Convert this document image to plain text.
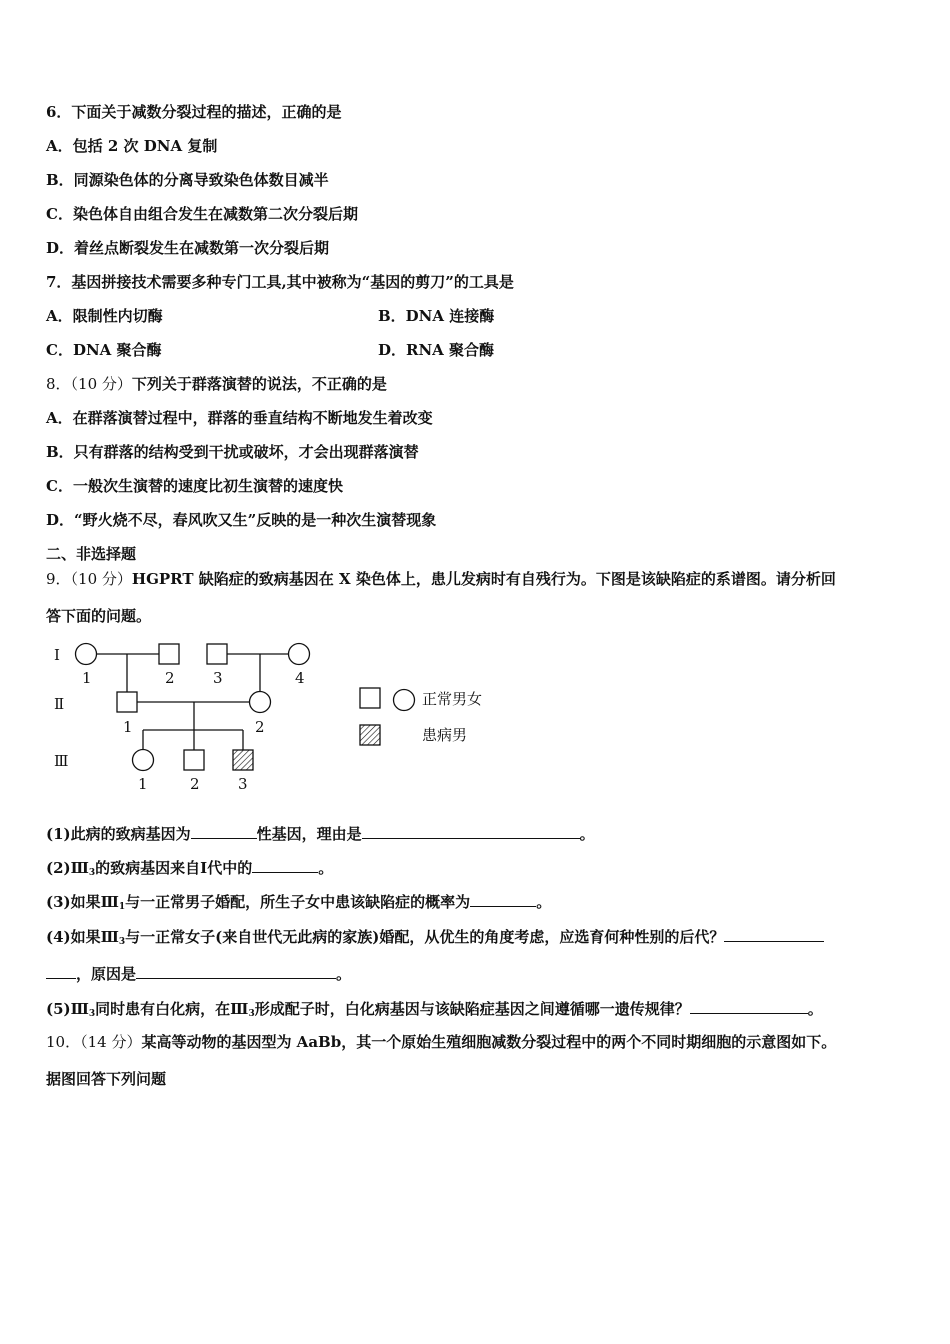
6．下面关于减数分裂过程的描述，正确的是
A．包括 2 次 DNA 复制
B．同源染色体的分离导致染色体数目减半
C．染色体自由组合发生在减数第二次分裂后期
D．着丝点断裂发生在减数第一次分裂后期
7．基因拼接技术需要多种专门工具,其中被称为“基因的剪刀”的工具是
A．限制性内切酶	B．DNA 连接酶
C．DNA 聚合酶	D．RNA 聚合酶
8．（10 分）下列关于群落演替的说法，不正确的是
A．在群落演替过程中，群落的垂直结构不断地发生着改变
B．只有群落的结构受到干扰或破坏，才会出现群落演替
C．一般次生演替的速度比初生演替的速度快
D．“野火烧不尽，春风吹又生”反映的是一种次生演替现象
二、非选择题
9．（10 分）HGPRT 缺陷症的致病基因在 X 染色体上，患儿发病时有自残行为。下图是该缺陷症的系谱图。请分析回
答下面的问题。
Ⅰ
Ⅱ
Ⅲ
1	2	3	4
1	2
1	2	3
正常男女
患病男
(1)此病的致病基因为	性基因，理由是	。
$(2)Ⅲ_3$的致病基因来自Ⅰ代中的	。
(3)如果$Ⅲ_1$与一正常男子婚配，所生子女中患该缺陷症的概率为	。
(4)如果$Ⅲ_3$与一正常女子(来自世代无此病的家族)婚配，从优生的角度考虑，应选育何种性别的后代？
，原因是	。
$(5)Ⅲ_3$同时患有白化病，在$Ⅲ_3$形成配子时，白化病基因与该缺陷症基因之间遵循哪一遗传规律？	。
10．（14 分）某高等动物的基因型为 AaBb，其一个原始生殖细胞减数分裂过程中的两个不同时期细胞的示意图如下。
据图回答下列问题
